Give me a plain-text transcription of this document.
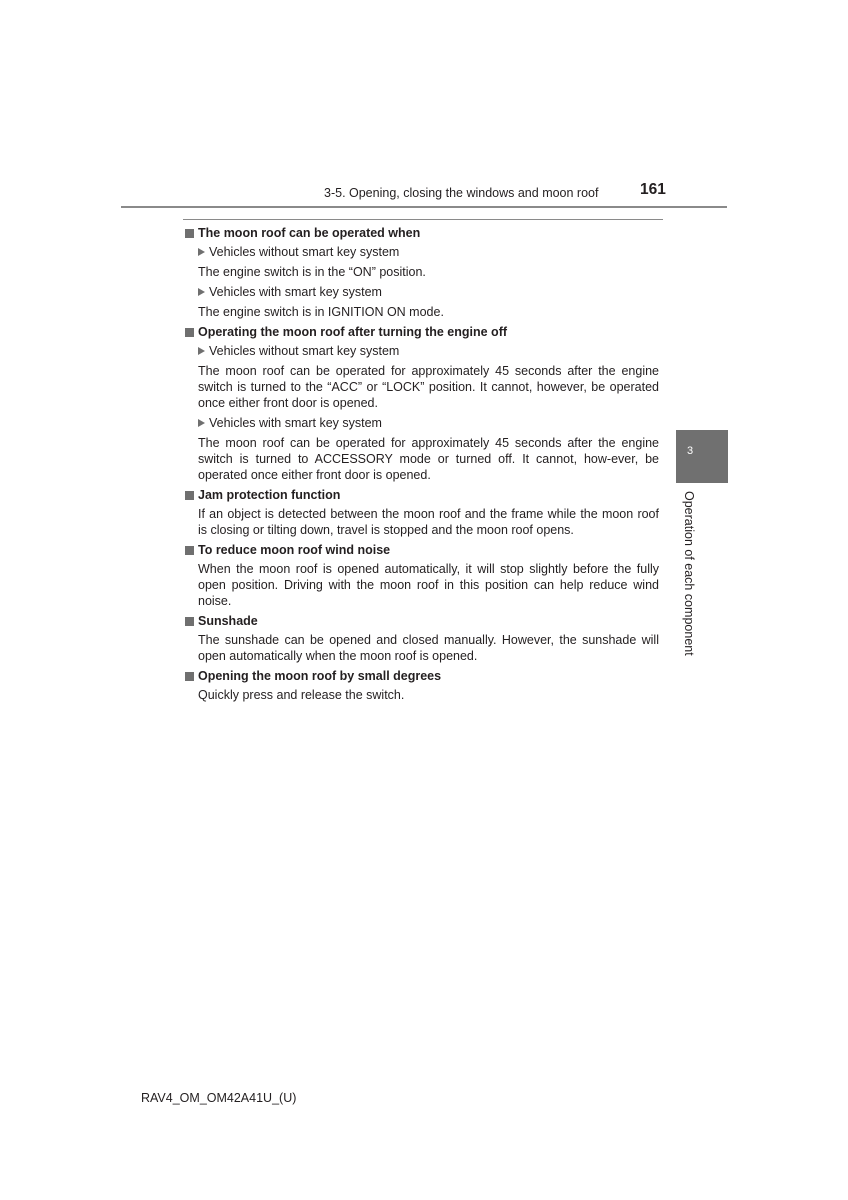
3-5. Opening, closing the windows and moon roof	161
The moon roof can be operated when
Vehicles without smart key system
The engine switch is in the “ON” position.
Vehicles with smart key system
The engine switch is in IGNITION ON mode.
Operating the moon roof after turning the engine off
Vehicles without smart key system
The moon roof can be operated for approximately 45 seconds after the engine switch is turned to the “ACC” or “LOCK” position. It cannot, however, be operated once either front door is opened.
Vehicles with smart key system
The moon roof can be operated for approximately 45 seconds after the engine switch is turned to ACCESSORY mode or turned off. It cannot, how-ever, be operated once either front door is opened.
Jam protection function
If an object is detected between the moon roof and the frame while the moon roof is closing or tilting down, travel is stopped and the moon roof opens.
To reduce moon roof wind noise
When the moon roof is opened automatically, it will stop slightly before the fully open position. Driving with the moon roof in this position can help reduce wind noise.
Sunshade
The sunshade can be opened and closed manually. However, the sunshade will open automatically when the moon roof is opened.
Opening the moon roof by small degrees
Quickly press and release the switch.
3
Operation of each component
RAV4_OM_OM42A41U_(U)
